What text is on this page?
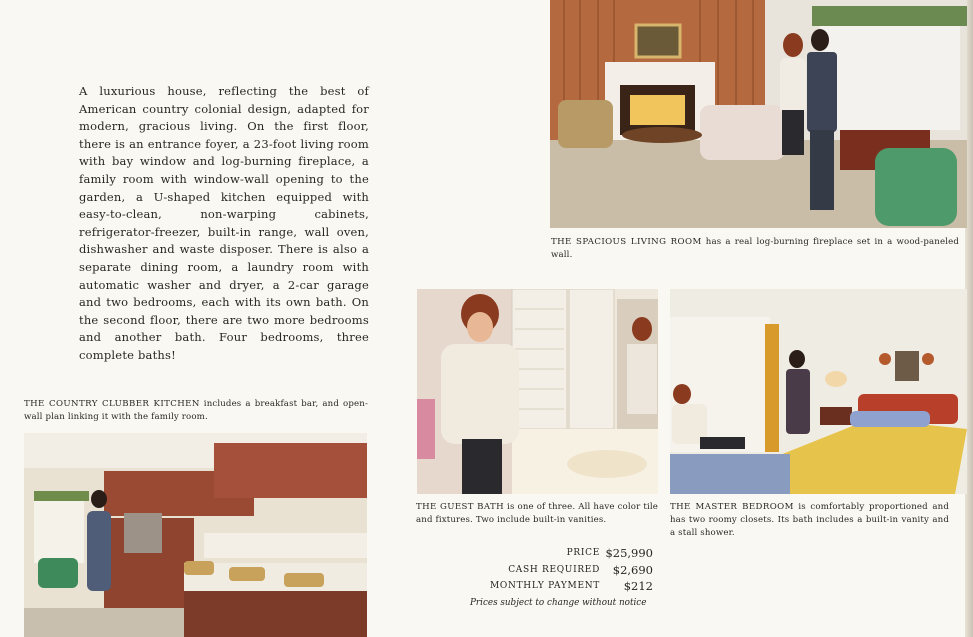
A luxurious house, reflecting the best of American country colonial design, adapted for modern, gracious living. On the first floor, there is an entrance foyer, a 23-foot living room with bay window and log-burning fireplace, a family room with window-wall opening to the garden, a U-shaped kitchen equipped with easy-to-clean, non-warping cabinets, refrigerator-freezer, built-in range, wall oven, dishwasher and waste disposer. There is also a separate dining room, a laundry room with automatic washer and dryer, a 2-car garage and two bedrooms, each with its own bath. On the second floor, there are two more bedrooms and another bath. Four bedrooms, three complete baths!
THE SPACIOUS LIVING ROOM has a real log-burning fireplace set in a wood-paneled wall.
THE COUNTRY CLUBBER KITCHEN includes a breakfast bar, and open-wall plan linking it with the family room.
THE GUEST BATH is one of three. All have color tile and fixtures. Two include built-in vanities.
THE MASTER BEDROOM is comfortably proportioned and has two roomy closets. Its bath includes a built-in vanity and a stall shower.
PRICE $25,990
CASH REQUIRED	$2,690
MONTHLY PAYMENT	$212
Prices subject to change without notice
